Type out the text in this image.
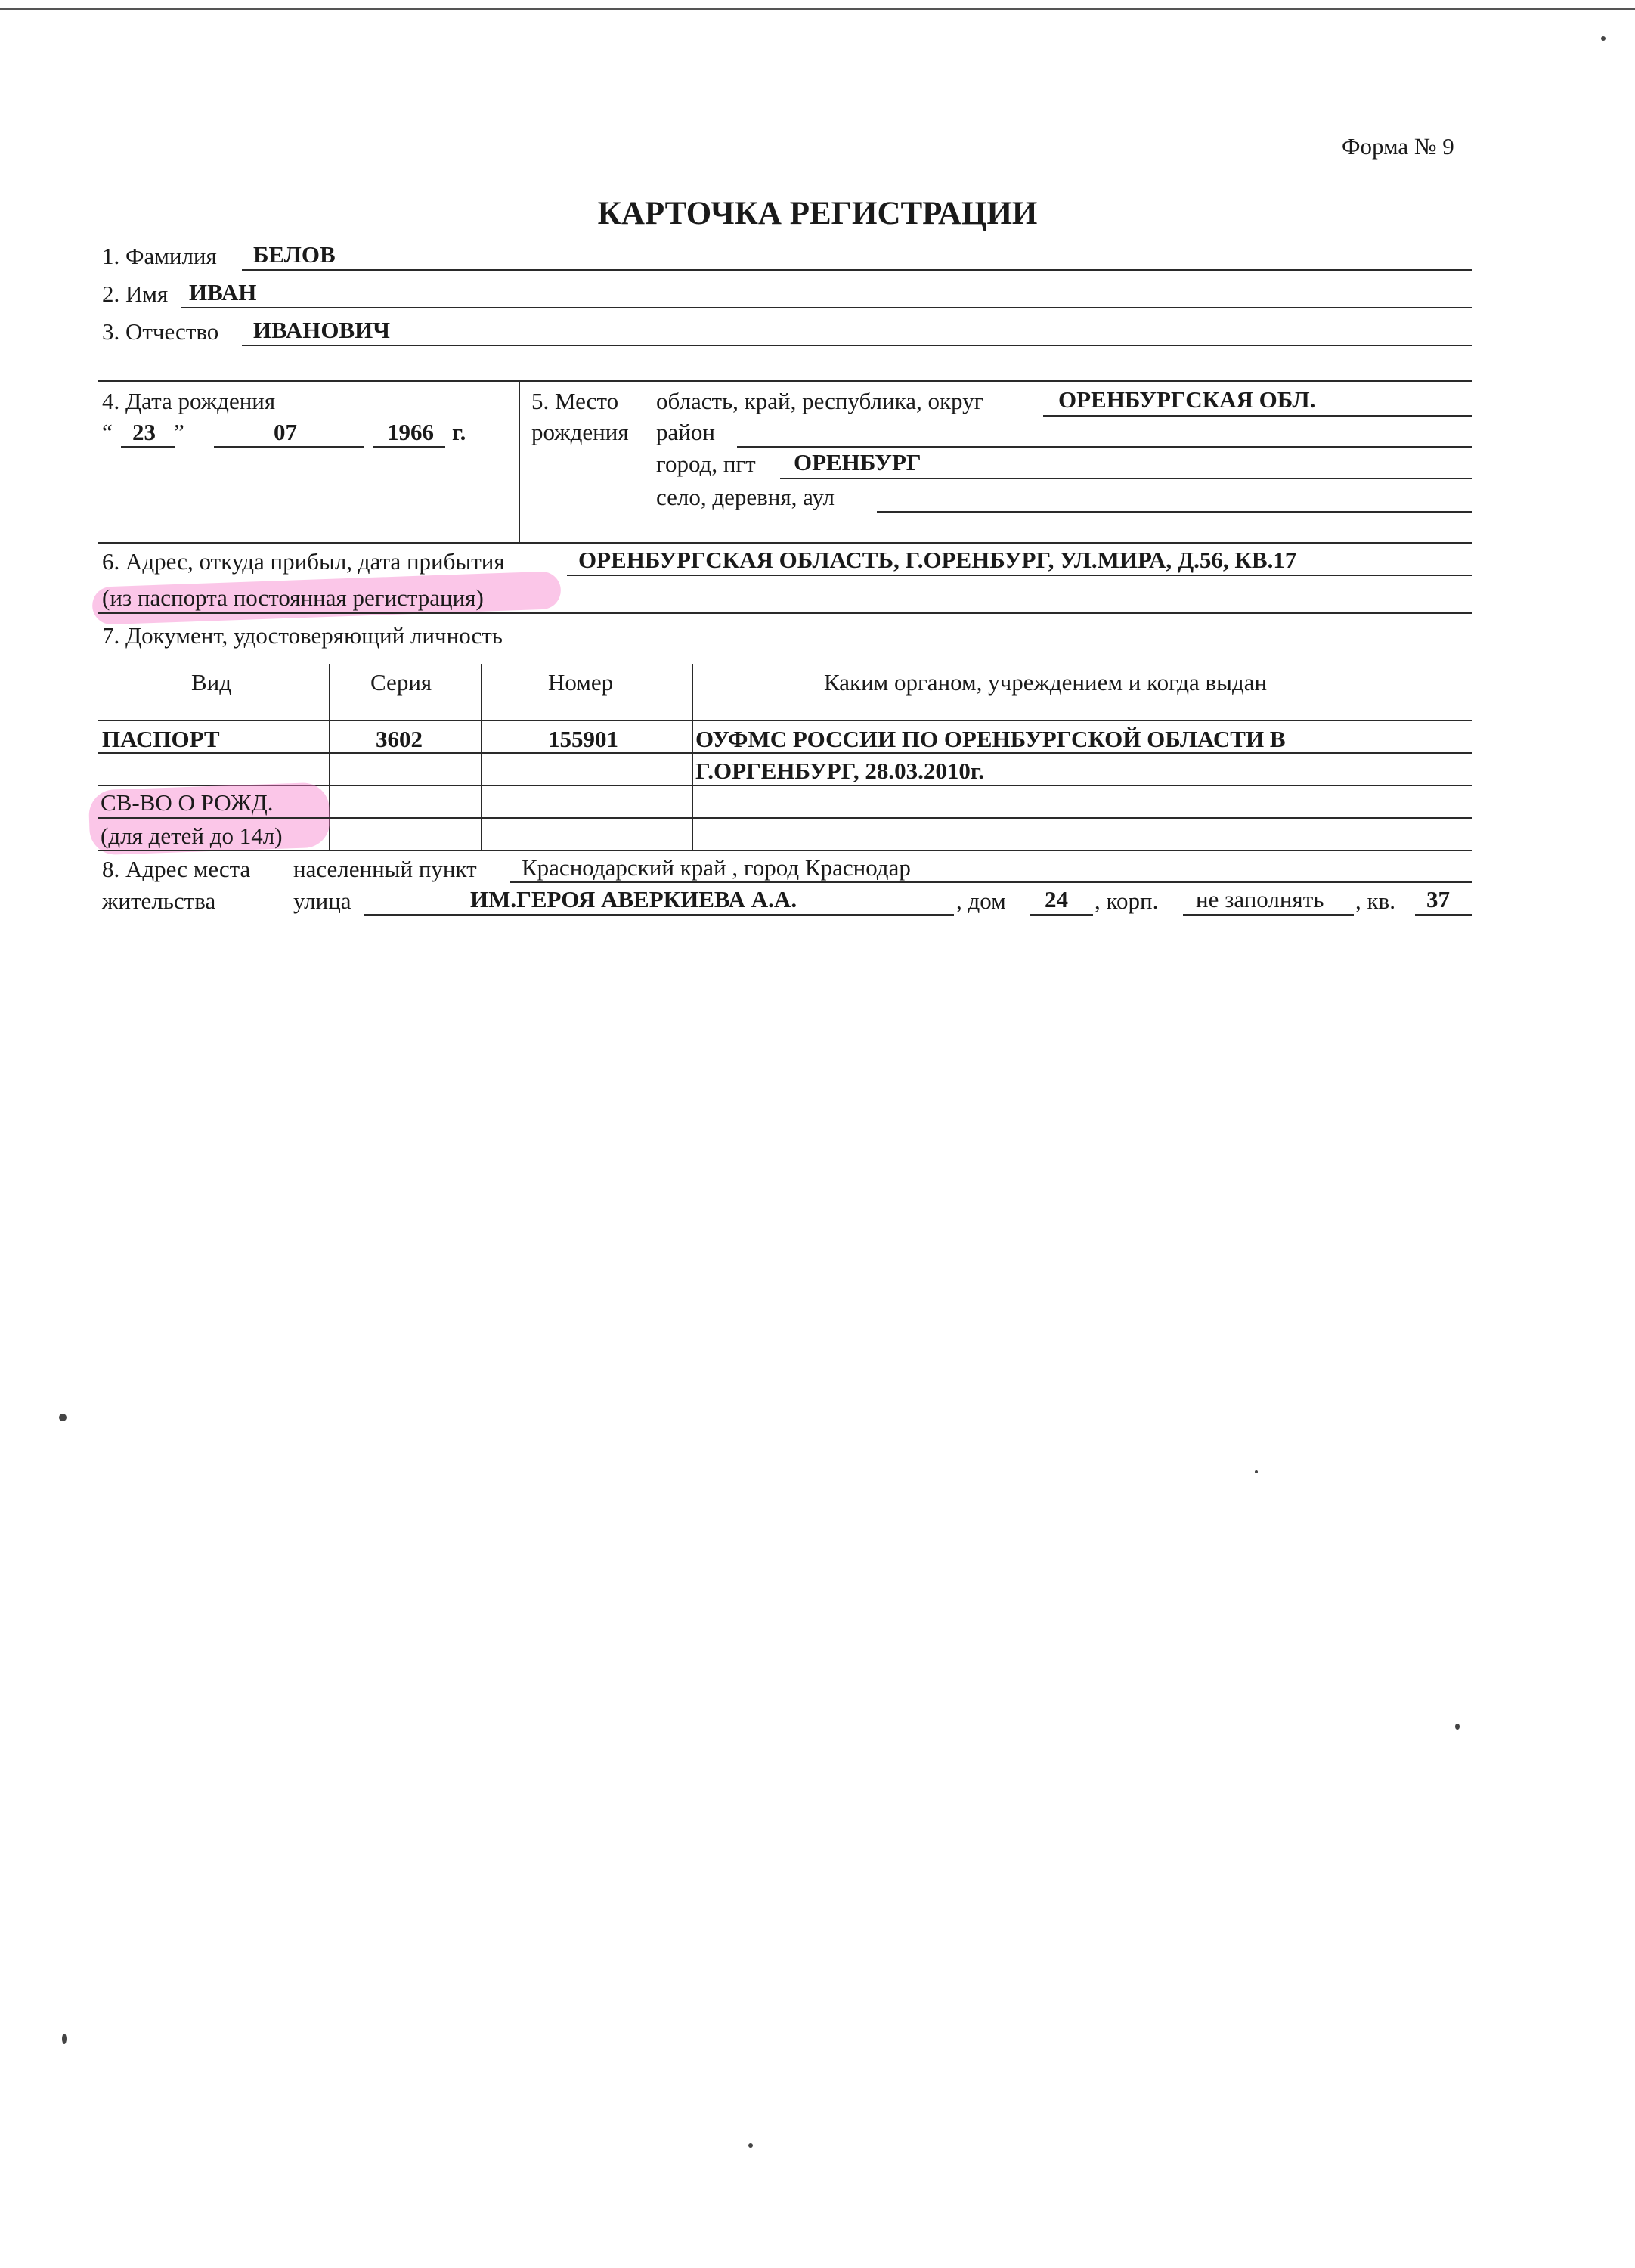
Форма № 9
КАРТОЧКА РЕГИСТРАЦИИ
1. Фамилия БЕЛОВ
2. Имя ИВАН
3. Отчество ИВАНОВИЧ
4. Дата рождения
“ 23 ”	07	1966 г.
5. Место
рождения
область, край, республика, округ	ОРЕНБУРГСКАЯ ОБЛ.
район
город, пгт ОРЕНБУРГ
село, деревня, аул
6. Адрес, откуда прибыл, дата прибытия	ОРЕНБУРГСКАЯ ОБЛАСТЬ, Г.ОРЕНБУРГ, УЛ.МИРА, Д.56, КВ.17
(из паспорта постоянная регистрация)
7. Документ, удостоверяющий личность
Вид	Серия	Номер	Каким органом, учреждением и когда выдан
ПАСПОРТ	3602	155901	ОУФМС РОССИИ ПО ОРЕНБУРГСКОЙ ОБЛАСТИ В
Г.ОРГЕНБУРГ, 28.03.2010г.
СВ-ВО О РОЖД.
(для детей до 14л)
8. Адрес места
жительства
населенный пункт Краснодарский край , город Краснодар
улица	ИМ.ГЕРОЯ АВЕРКИЕВА А.А.	, дом 24 , корп. не заполнять , кв. 37
